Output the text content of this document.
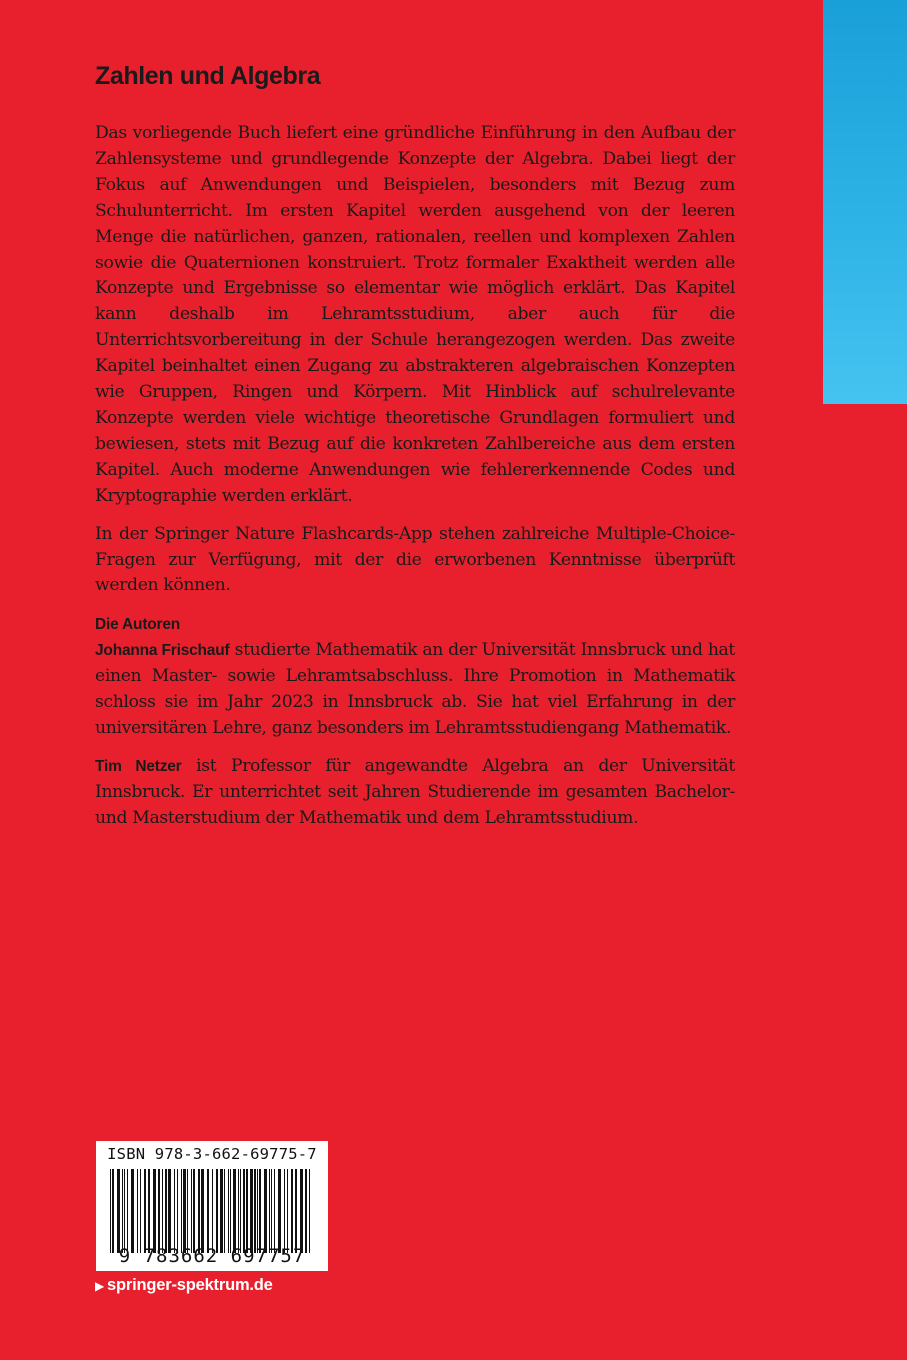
Zahlen und Algebra

Das vorliegende Buch liefert eine gründliche Einführung in den Aufbau der Zahlensysteme und grundlegende Konzepte der Algebra. Dabei liegt der Fokus auf Anwendungen und Beispielen, besonders mit Bezug zum Schulunterricht. Im ersten Kapitel werden ausgehend von der leeren Menge die natürlichen, ganzen, rationalen, reellen und komplexen Zahlen sowie die Quaternionen konstruiert. Trotz formaler Exaktheit werden alle Konzepte und Ergebnisse so elementar wie möglich erklärt. Das Kapitel kann deshalb im Lehramtsstudium, aber auch für die Unterrichtsvorbereitung in der Schule herangezogen werden. Das zweite Kapitel beinhaltet einen Zugang zu abstrakteren algebraischen Konzepten wie Gruppen, Ringen und Körpern. Mit Hinblick auf schulrelevante Konzepte werden viele wichtige theoretische Grundlagen formuliert und bewiesen, stets mit Bezug auf die konkreten Zahlbereiche aus dem ersten Kapitel. Auch moderne Anwendungen wie fehlererkennende Codes und Kryptographie werden erklärt.

In der Springer Nature Flashcards-App stehen zahlreiche Multiple-Choice-Fragen zur Verfügung, mit der die erworbenen Kenntnisse überprüft werden können.

Die Autoren

Johanna Frischauf studierte Mathematik an der Universität Innsbruck und hat einen Master- sowie Lehramtsabschluss. Ihre Promotion in Mathematik schloss sie im Jahr 2023 in Innsbruck ab. Sie hat viel Erfahrung in der universitären Lehre, ganz besonders im Lehramtsstudiengang Mathematik.

Tim Netzer ist Professor für angewandte Algebra an der Universität Innsbruck. Er unterrichtet seit Jahren Studierende im gesamten Bachelor- und Masterstudium der Mathematik und dem Lehramtsstudium.

ISBN 978-3-662-69775-7
9 783662 697757
▶ springer-spektrum.de
